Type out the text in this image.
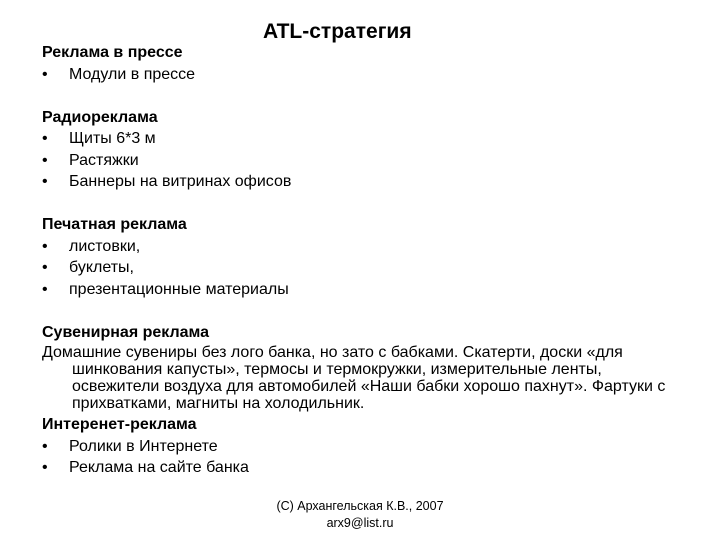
ATL-стратегия
Реклама в прессе
• Модули в прессе
Радиореклама
• Щиты 6*3 м
• Растяжки
• Баннеры на витринах офисов
Печатная реклама
• листовки,
• буклеты,
• презентационные материалы
Сувенирная реклама
Домашние сувениры без лого банка, но зато с бабками. Скатерти, доски «для шинкования капусты», термосы и термокружки, измерительные ленты, освежители воздуха для автомобилей «Наши бабки хорошо пахнут». Фартуки с прихватками, магниты на холодильник.
Интеренет-реклама
• Ролики в Интернете
• Реклама на сайте банка
(C) Архангельская К.В., 2007
arx9@list.ru
